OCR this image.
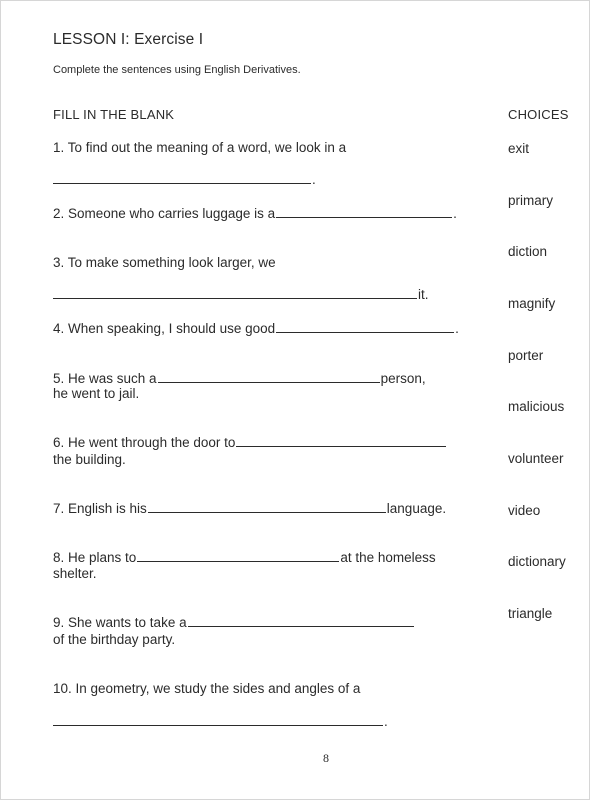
LESSON I: Exercise I
Complete the sentences using English Derivatives.
FILL IN THE BLANK	CHOICES
1. To find out the meaning of a word, we look in a
.
2. Someone who carries luggage is a	.
3. To make something look larger, we
it.
4. When speaking, I should use good	.
5. He was such a	person,
he went to jail.
6. He went through the door to
the building.
7. English is his	language.
8. He plans to	at the homeless
shelter.
9. She wants to take a
of the birthday party.
10. In geometry, we study the sides and angles of a
.
exit
primary
diction
magnify
porter
malicious
volunteer
video
dictionary
triangle
8
